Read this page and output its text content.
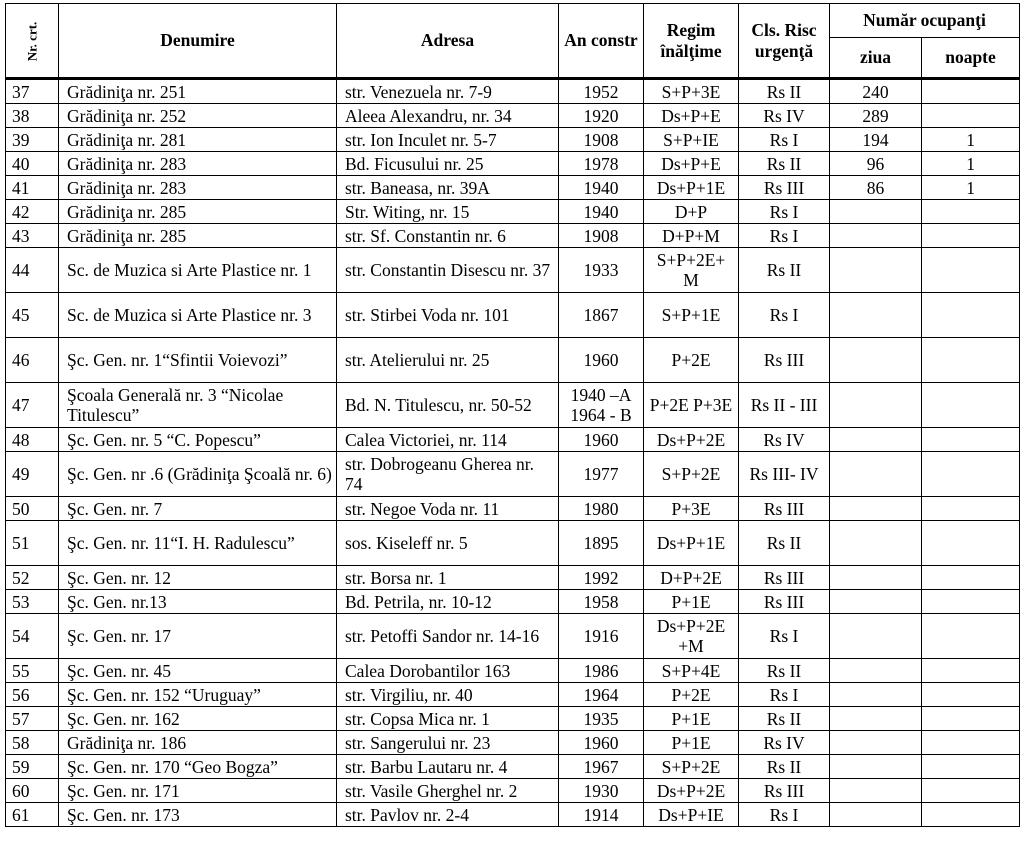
Nr. crt.	Denumire	Adresa	An constr	Regim înălţime	Cls. Risc urgenţă	Număr ocupanţi	
						ziua	noapte
37	Grădiniţa nr. 251	str. Venezuela nr. 7-9	1952	S+P+3E	Rs II	240	
38	Grădiniţa nr. 252	Aleea Alexandru, nr. 34	1920	Ds+P+E	Rs IV	289	
39	Grădiniţa nr. 281	str. Ion Inculet nr. 5-7	1908	S+P+IE	Rs I	194	1
40	Grădiniţa nr. 283	Bd. Ficusului nr. 25	1978	Ds+P+E	Rs II	96	1
41	Grădiniţa nr. 283	str. Baneasa, nr. 39A	1940	Ds+P+1E	Rs III	86	1
42	Grădiniţa nr. 285	Str. Witing, nr. 15	1940	D+P	Rs I		
43	Grădiniţa nr. 285	str. Sf. Constantin nr. 6	1908	D+P+M	Rs I		
44	Sc. de Muzica si Arte Plastice nr. 1	str. Constantin Disescu nr. 37	1933	S+P+2E+ M	Rs II		
45	Sc. de Muzica si Arte Plastice nr. 3	str. Stirbei Voda nr. 101	1867	S+P+1E	Rs I		
46	Şc. Gen. nr. 1“Sfintii Voievozi”	str. Atelierului nr. 25	1960	P+2E	Rs III		
47	Şcoala Generală nr. 3 “Nicolae Titulescu”	Bd. N. Titulescu, nr. 50-52	1940 –A 1964 - B	P+2E P+3E	Rs II - III		
48	Şc. Gen. nr. 5 “C. Popescu”	Calea Victoriei, nr. 114	1960	Ds+P+2E	Rs IV		
49	Şc. Gen. nr .6 (Grădiniţa Şcoală nr. 6)	str. Dobrogeanu Gherea nr. 74	1977	S+P+2E	Rs III- IV		
50	Şc. Gen. nr. 7	str. Negoe Voda nr. 11	1980	P+3E	Rs III		
51	Şc. Gen. nr. 11“I. H. Radulescu”	sos. Kiseleff nr. 5	1895	Ds+P+1E	Rs II		
52	Şc. Gen. nr. 12	str. Borsa nr. 1	1992	D+P+2E	Rs III		
53	Şc. Gen. nr.13	Bd. Petrila, nr. 10-12	1958	P+1E	Rs III		
54	Şc. Gen. nr. 17	str. Petoffi Sandor nr. 14-16	1916	Ds+P+2E +M	Rs I		
55	Şc. Gen. nr. 45	Calea Dorobantilor 163	1986	S+P+4E	Rs II		
56	Şc. Gen. nr. 152 “Uruguay”	str. Virgiliu, nr. 40	1964	P+2E	Rs I		
57	Şc. Gen. nr. 162	str. Copsa Mica nr. 1	1935	P+1E	Rs II		
58	Grădiniţa nr. 186	str. Sangerului nr. 23	1960	P+1E	Rs IV		
59	Şc. Gen. nr. 170 “Geo Bogza”	str. Barbu Lautaru nr. 4	1967	S+P+2E	Rs II		
60	Şc. Gen. nr. 171	str. Vasile Gherghel nr. 2	1930	Ds+P+2E	Rs III		
61	Şc. Gen. nr. 173	str. Pavlov nr. 2-4	1914	Ds+P+IE	Rs I		
